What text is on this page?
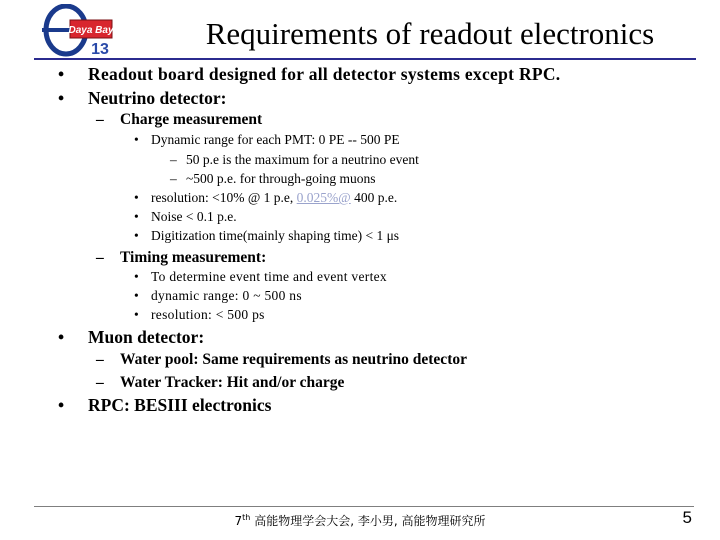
Daya Bay
13	Requirements of readout electronics
• Readout board designed for all detector systems except RPC.
• Neutrino detector:
– Charge measurement
• Dynamic range for each PMT: 0 PE -- 500 PE
– 50 p.e is the maximum for a neutrino event
– ~500 p.e. for through-going muons
• resolution: <10% @ 1 p.e, 0.025%@ 400 p.e.
• Noise < 0.1 p.e.
• Digitization time(mainly shaping time) < 1 μs
– Timing measurement:
• To determine event time and event vertex
• dynamic range: 0 ~ 500 ns
• resolution: < 500 ps
• Muon detector:
– Water pool: Same requirements as neutrino detector
– Water Tracker: Hit and/or charge
• RPC: BESIII electronics
7th 高能物理学会大会, 李小男, 高能物理研究所	5
